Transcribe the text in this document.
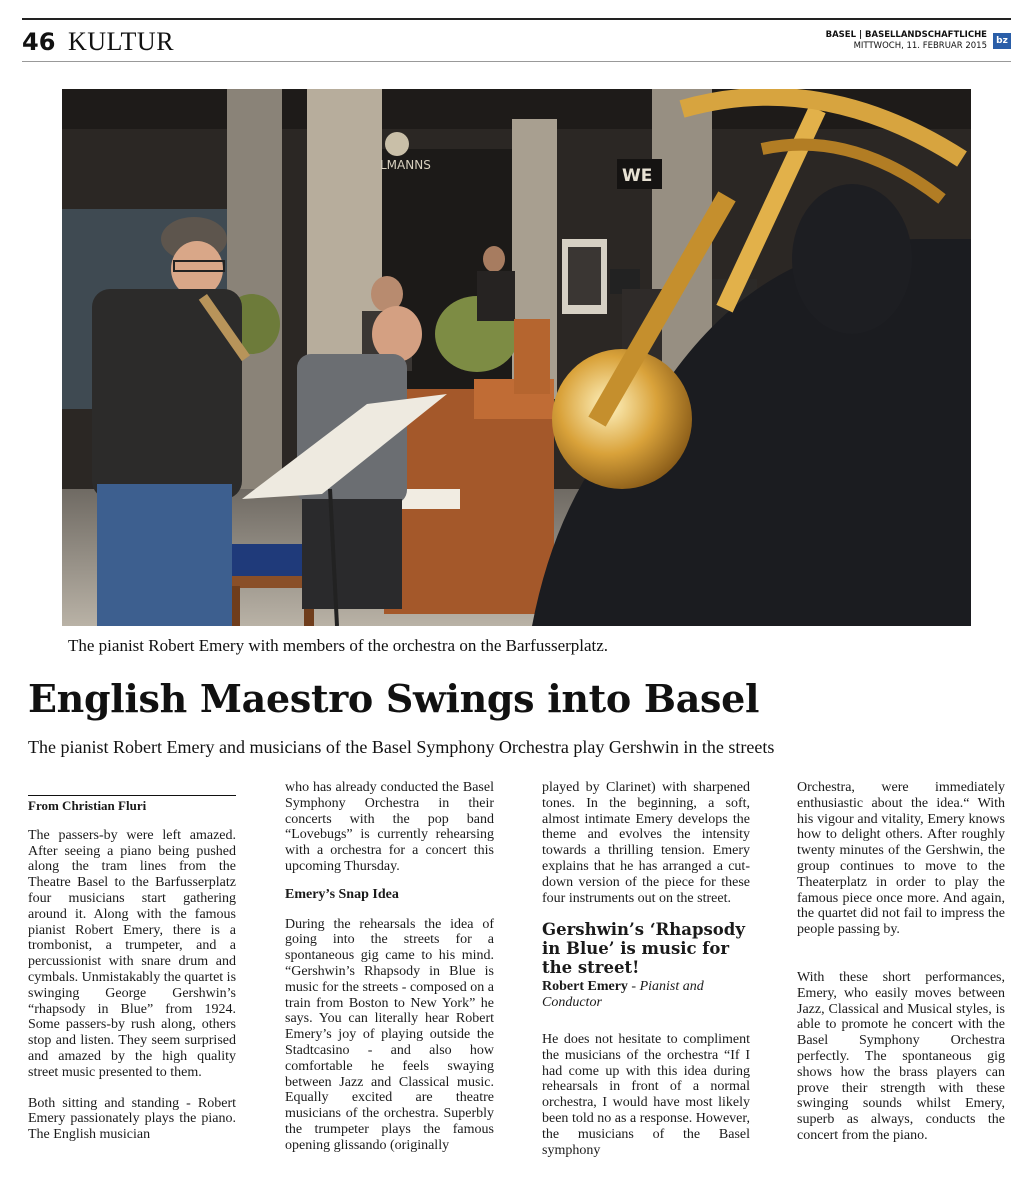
46 KULTUR	BASEL | BASELLANDSCHAFTLICHE
MITTWOCH, 11. FEBRUAR 2015	bz
LMANNS
WE
The pianist Robert Emery with members of the orchestra on the Barfusserplatz.
English Maestro Swings into Basel
The pianist Robert Emery and musicians of the Basel Symphony Orchestra play Gershwin in the streets
From Christian Fluri

The passers-by were left amazed. After seeing a piano being pushed along the tram lines from the Theatre Basel to the Barfusserplatz four musicians start gathering around it. Along with the famous pianist Robert Emery, there is a trombonist, a trumpeter, and a percussionist with snare drum and cymbals. Unmistakably the quartet is swinging George Gershwin’s “rhapsody in Blue” from 1924. Some passers-by rush along, others stop and listen. They seem surprised and amazed by the high quality street music presented to them.

Both sitting and standing - Robert Emery passionately plays the piano. The English musician

who has already conducted the Basel Symphony Orchestra in their concerts with the pop band “Lovebugs” is currently rehearsing with a orchestra for a concert this upcoming Thursday.

Emery’s Snap Idea

During the rehearsals the idea of going into the streets for a spontaneous gig came to his mind. “Gershwin’s Rhapsody in Blue is music for the streets - composed on a train from Boston to New York” he says. You can literally hear Robert Emery’s joy of playing outside the Stadtcasino - and also how comfortable he feels swaying between Jazz and Classical music. Equally excited are theatre musicians of the orchestra. Superbly the trumpeter plays the famous opening glissando (originally

played by Clarinet) with sharpened tones. In the beginning, a soft, almost intimate Emery develops the theme and evolves the intensity towards a thrilling tension. Emery explains that he has arranged a cut-down version of the piece for these four instruments out on the street.

Gershwin’s ‘Rhapsody in Blue’ is music for the street!
Robert Emery - Pianist and Conductor

He does not hesitate to compliment the musicians of the orchestra “If I had come up with this idea during rehearsals in front of a normal orchestra, I would have most likely been told no as a response. However, the musicians of the Basel symphony

Orchestra, were immediately enthusiastic about the idea.“ With his vigour and vitality, Emery knows how to delight others. After roughly twenty minutes of the Gershwin, the group continues to move to the Theaterplatz in order to play the famous piece once more. And again, the quartet did not fail to impress the people passing by.

With these short performances, Emery, who easily moves between Jazz, Classical and Musical styles, is able to promote he concert with the Basel Symphony Orchestra perfectly. The spontaneous gig shows how the brass players can prove their strength with these swinging sounds whilst Emery, superb as always, conducts the concert from the piano.
